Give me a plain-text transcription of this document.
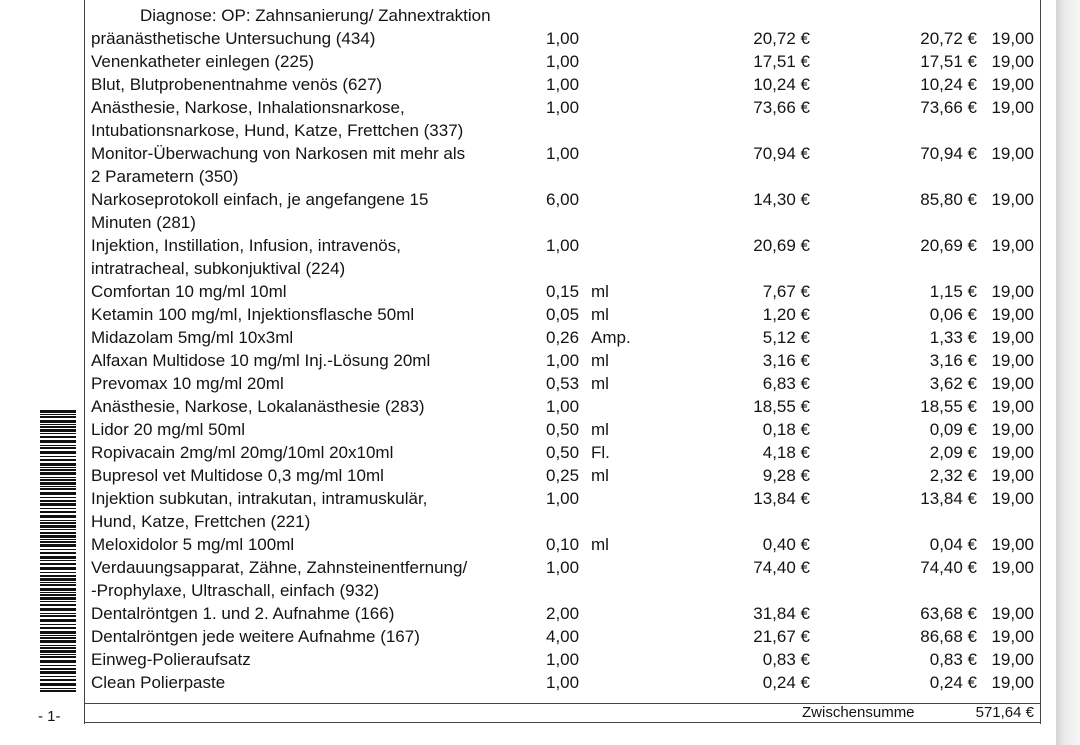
Diagnose: OP: Zahnsanierung/ Zahnextraktion
präanästhetische Untersuchung (434)	1,00	20,72 €	20,72 € 19,00
Venenkatheter einlegen (225)	1,00	17,51 €	17,51 € 19,00
Blut, Blutprobenentnahme venös (627)	1,00	10,24 €	10,24 € 19,00
Anästhesie, Narkose, Inhalationsnarkose,
Intubationsnarkose, Hund, Katze, Frettchen (337)
1,00	73,66 €	73,66 € 19,00
Monitor-Überwachung von Narkosen mit mehr als
2 Parametern (350)
1,00	70,94 €	70,94 € 19,00
Narkoseprotokoll einfach, je angefangene 15
Minuten (281)
6,00	14,30 €	85,80 € 19,00
Injektion, Instillation, Infusion, intravenös,
intratracheal, subkonjuktival (224)
1,00	20,69 €	20,69 € 19,00
Comfortan 10 mg/ml 10ml	0,15 ml	7,67 €	1,15 € 19,00
Ketamin 100 mg/ml, Injektionsflasche 50ml	0,05 ml	1,20 €	0,06 € 19,00
Midazolam 5mg/ml 10x3ml	0,26 Amp.	5,12 €	1,33 € 19,00
Alfaxan Multidose 10 mg/ml Inj.-Lösung 20ml	1,00 ml	3,16 €	3,16 € 19,00
Prevomax 10 mg/ml 20ml	0,53 ml	6,83 €	3,62 € 19,00
Anästhesie, Narkose, Lokalanästhesie (283)	1,00	18,55 €	18,55 € 19,00
Lidor 20 mg/ml 50ml	0,50 ml	0,18 €	0,09 € 19,00
Ropivacain 2mg/ml 20mg/10ml 20x10ml	0,50 Fl.	4,18 €	2,09 € 19,00
Bupresol vet Multidose 0,3 mg/ml 10ml	0,25 ml	9,28 €	2,32 € 19,00
Injektion subkutan, intrakutan, intramuskulär,
Hund, Katze, Frettchen (221)
1,00	13,84 €	13,84 € 19,00
Meloxidolor 5 mg/ml 100ml	0,10 ml	0,40 €	0,04 € 19,00
Verdauungsapparat, Zähne, Zahnsteinentfernung/
-Prophylaxe, Ultraschall, einfach (932)
1,00	74,40 €	74,40 € 19,00
Dentalröntgen 1. und 2. Aufnahme (166)	2,00	31,84 €	63,68 € 19,00
Dentalröntgen jede weitere Aufnahme (167)	4,00	21,67 €	86,68 € 19,00
Einweg-Polieraufsatz	1,00	0,83 €	0,83 € 19,00
Clean Polierpaste	1,00	0,24 €	0,24 € 19,00
- 1-	Zwischensumme	571,64 €
